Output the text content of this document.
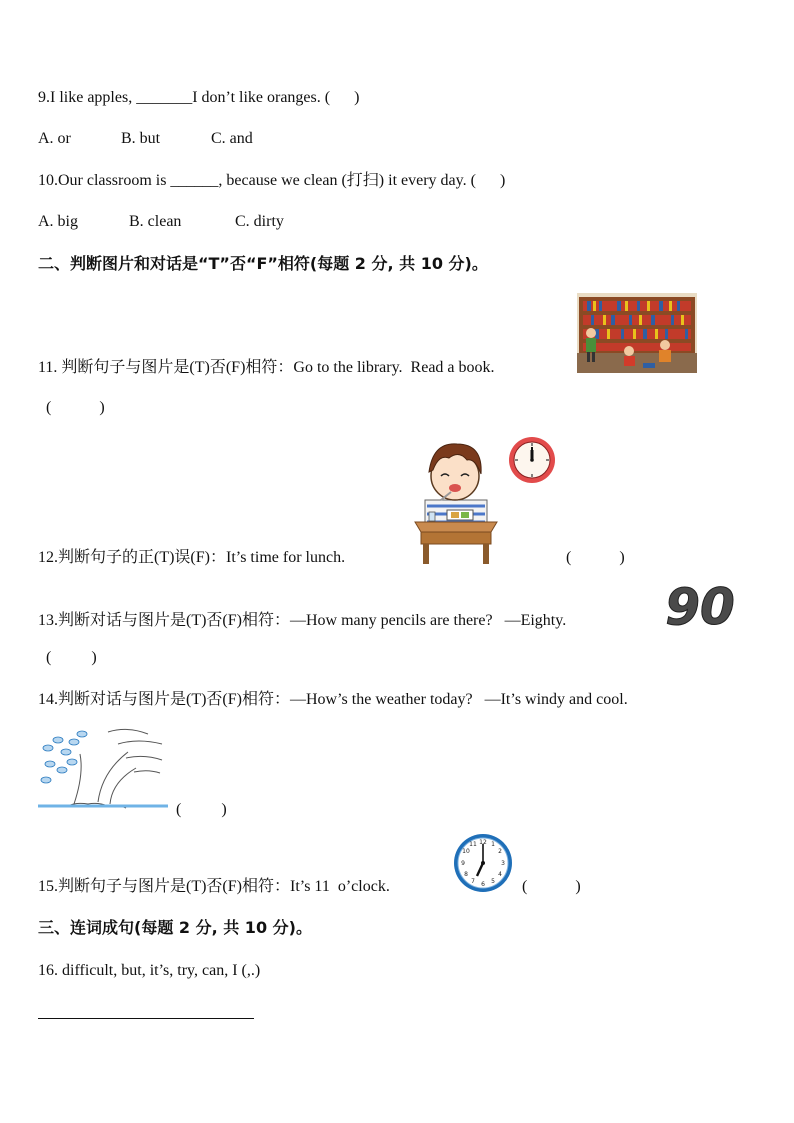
9.I like apples, _______I don’t like oranges. (      )
A. or	B. but	C. and
10.Our classroom is ______, because we clean (打扫) it every day. (      )
A. big	B. clean	C. dirty
二、判断图片和对话是“T”否“F”相符(每题 2 分, 共 10 分)。
11. 判断句子与图片是(T)否(F)相符：Go to the library.  Read a book.
(            )
12.判断句子的正(T)误(F)：It’s time for lunch.	(            )
13.判断对话与图片是(T)否(F)相符：—How many pencils are there?   —Eighty. 90
(          )
14.判断对话与图片是(T)否(F)相符：—How’s the weather today?   —It’s windy and cool.
(          )
12 1
2
3
4
5
6
7
8
9
10
11
15.判断句子与图片是(T)否(F)相符：It’s 11  o’clock.	(            )
三、连词成句(每题 2 分, 共 10 分)。
16. difficult, but, it’s, try, can, I (,.)
